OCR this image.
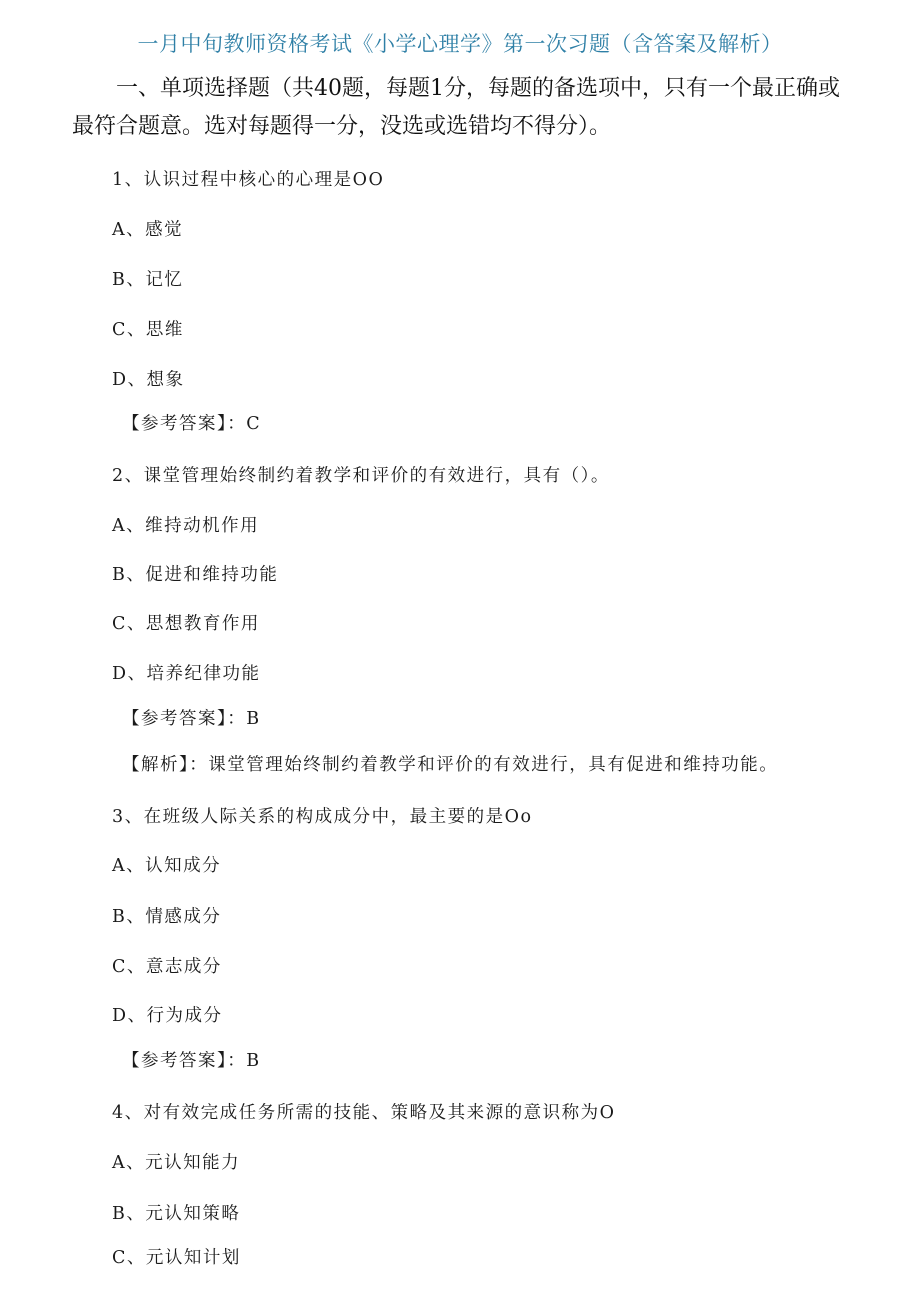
一月中旬教师资格考试《小学心理学》第一次习题（含答案及解析）
一、单项选择题（共40题，每题1分，每题的备选项中，只有一个最正确或最符合题意。选对每题得一分，没选或选错均不得分）。
1、认识过程中核心的心理是OO
A、感觉
B、记忆
C、思维
D、想象
【参考答案】：C
2、课堂管理始终制约着教学和评价的有效进行，具有（）。
A、维持动机作用
B、促进和维持功能
C、思想教育作用
D、培养纪律功能
【参考答案】：B
【解析】：课堂管理始终制约着教学和评价的有效进行，具有促进和维持功能。
3、在班级人际关系的构成成分中，最主要的是Oo
A、认知成分
B、情感成分
C、意志成分
D、行为成分
【参考答案】：B
4、对有效完成任务所需的技能、策略及其来源的意识称为O
A、元认知能力
B、元认知策略
C、元认知计划
